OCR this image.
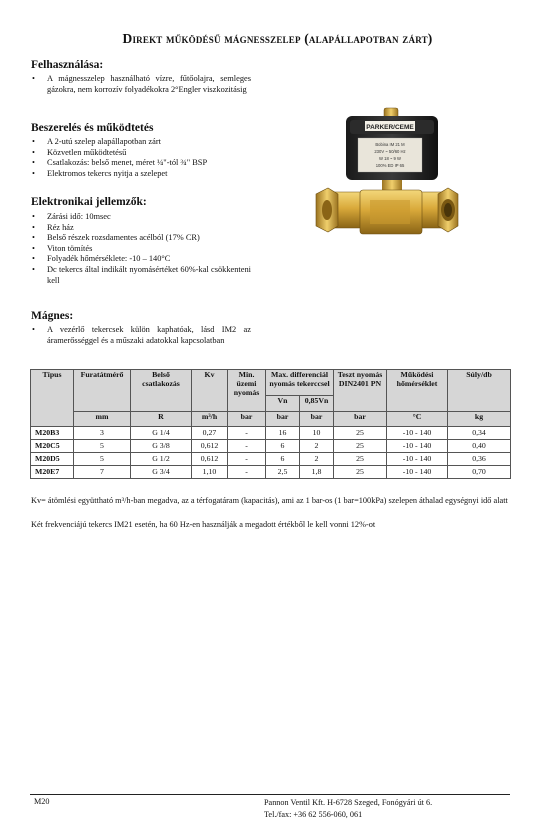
Direkt működésű mágnesszelep (alapállapotban zárt)
Felhasználása:
• A mágnesszelep használható vízre, fűtőolajra, semleges gázokra, nem korrozív folyadékokra 2°Engler viszkozitásig
Beszerelés és működtetés
• A 2-utú szelep alapállapotban zárt
• Közvetlen működtetésű
• Csatlakozás: belső menet, méret ¼"-tól ¾" BSP
• Elektromos tekercs nyitja a szelepet
Elektronikai jellemzők:
• Zárási idő: 10msec
• Réz ház
• Belső részek rozsdamentes acélból (17% CR)
• Viton tömítés
• Folyadék hőmérséklete: -10 – 140°C
• Dc tekercs által indikált nyomásértéket 60%-kal csökkenteni kell
Mágnes:
• A vezérlő tekercsek külön kaphatóak, lásd IM2 az áramerősséggel és a műszaki adatokkal kapcsolatban
PARKER/CEME
Bobina IM 21 M
230V ~ 50/60 Hz
W 18 ~ 9 W
100% ED IP 65
Típus	Furatátmérő	Belső csatlakozás	Kv	Min. üzemi nyomás	Max. differenciál nyomás tekerccsel		Teszt nyomás DIN2401 PN	Működési hőmérséklet	Súly/db
					Vn	0,85Vn			
	mm	R	m³/h	bar	bar	bar	bar	°C	kg
M20B3	3	G 1/4	0,27	-	16	10	25	-10 - 140	0,34
M20C5	5	G 3/8	0,612	-	6	2	25	-10 - 140	0,40
M20D5	5	G 1/2	0,612	-	6	2	25	-10 - 140	0,36
M20E7	7	G 3/4	1,10	-	2,5	1,8	25	-10 - 140	0,70
Kv= átömlési együttható m³/h-ban megadva, az a térfogatáram (kapacitás), ami az 1 bar-os (1 bar=100kPa) szelepen áthalad egységnyi idő alatt
Két frekvenciájú tekercs IM21 esetén, ha 60 Hz-en használják a megadott értékből le kell vonni 12%-ot
M20	Pannon Ventil Kft. H-6728 Szeged, Fonógyári út 6.
Tel./fax: +36 62 556-060, 061
